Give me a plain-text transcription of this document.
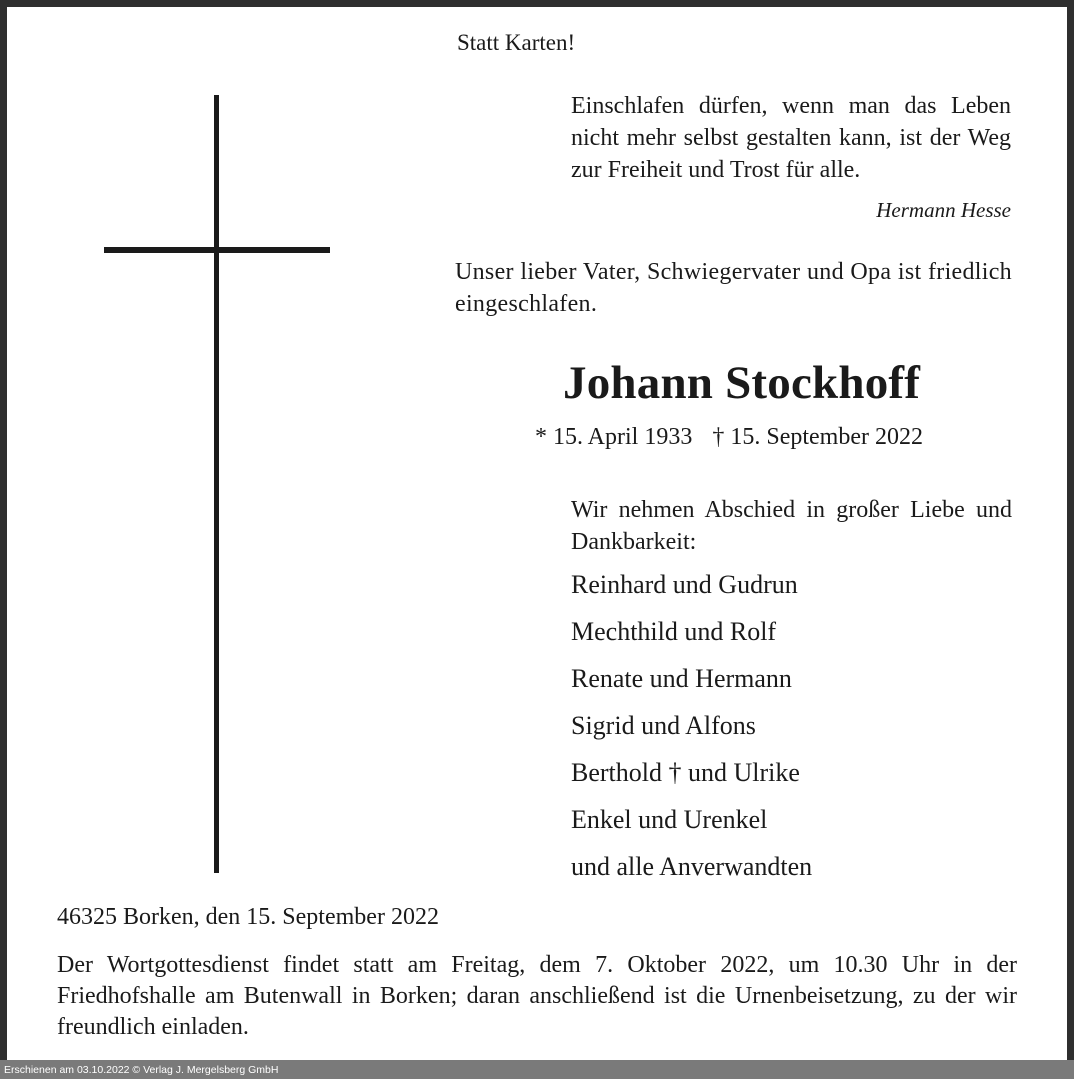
Statt Karten!
Einschlafen dürfen, wenn man das Leben nicht mehr selbst gestalten kann, ist der Weg zur Freiheit und Trost für alle.
Hermann Hesse
Unser lieber Vater, Schwiegervater und Opa ist friedlich eingeschlafen.
Johann Stockhoff
* 15. April 1933 † 15. September 2022
Wir nehmen Abschied in großer Liebe und Dankbarkeit:
Reinhard und Gudrun
Mechthild und Rolf
Renate und Hermann
Sigrid und Alfons
Berthold † und Ulrike
Enkel und Urenkel
und alle Anverwandten
46325 Borken, den 15. September 2022
Der Wortgottesdienst findet statt am Freitag, dem 7. Oktober 2022, um 10.30 Uhr in der Friedhofshalle am Butenwall in Borken; daran anschließend ist die Urnenbeisetzung, zu der wir freundlich einladen.
Erschienen am 03.10.2022 © Verlag J. Mergelsberg GmbH
